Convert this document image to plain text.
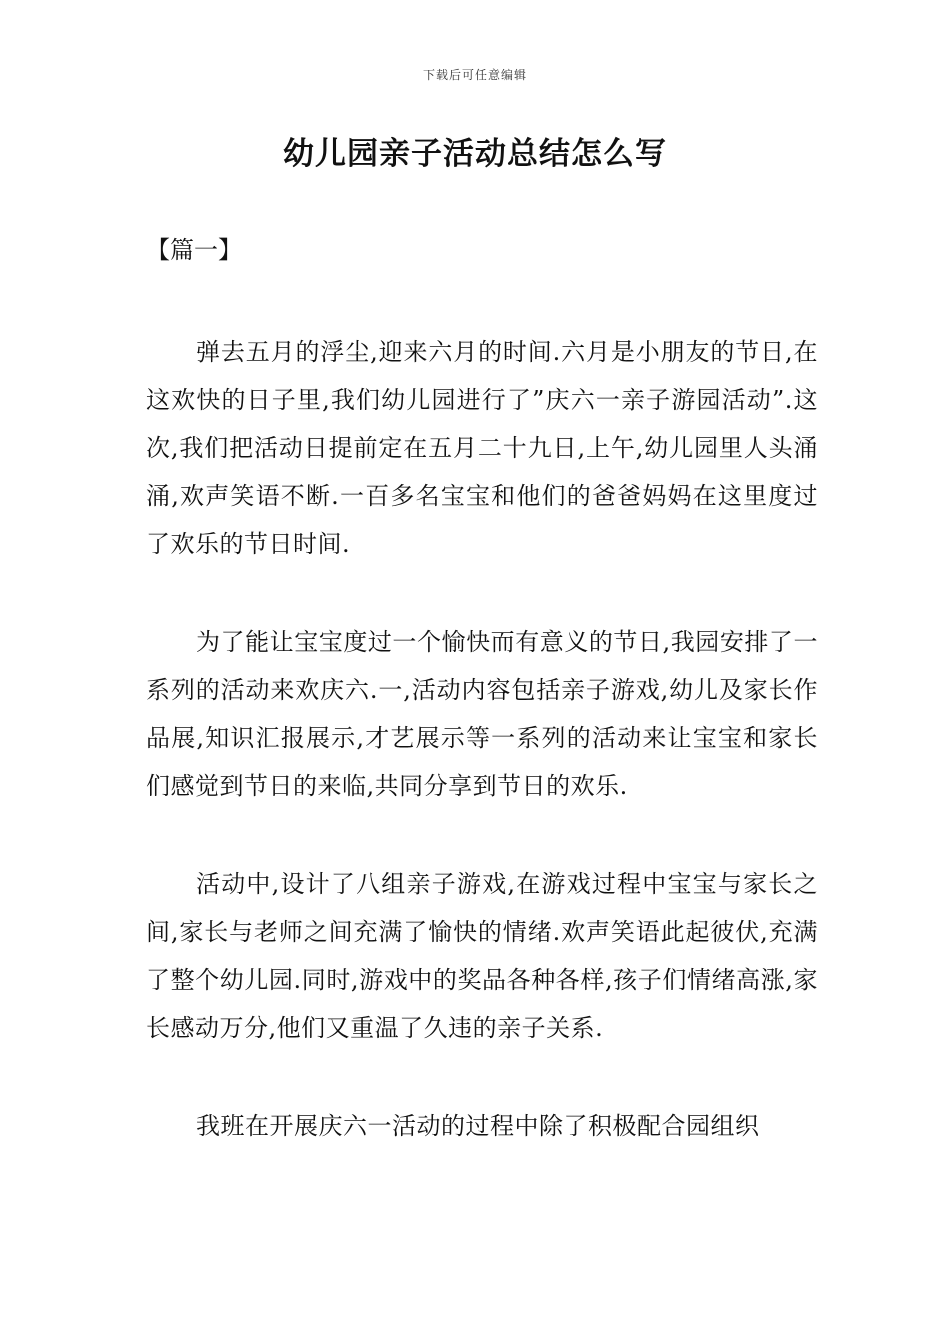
下载后可任意编辑
幼儿园亲子活动总结怎么写
【篇一】

弹去五月的浮尘,迎来六月的时间.六月是小朋友的节日,在这欢快的日子里,我们幼儿园进行了”庆六一亲子游园活动”.这次,我们把活动日提前定在五月二十九日,上午,幼儿园里人头涌涌,欢声笑语不断.一百多名宝宝和他们的爸爸妈妈在这里度过了欢乐的节日时间.

为了能让宝宝度过一个愉快而有意义的节日,我园安排了一系列的活动来欢庆六.一,活动内容包括亲子游戏,幼儿及家长作品展,知识汇报展示,才艺展示等一系列的活动来让宝宝和家长们感觉到节日的来临,共同分享到节日的欢乐.

活动中,设计了八组亲子游戏,在游戏过程中宝宝与家长之间,家长与老师之间充满了愉快的情绪.欢声笑语此起彼伏,充满了整个幼儿园.同时,游戏中的奖品各种各样,孩子们情绪高涨,家长感动万分,他们又重温了久违的亲子关系.

我班在开展庆六一活动的过程中除了积极配合园组织
